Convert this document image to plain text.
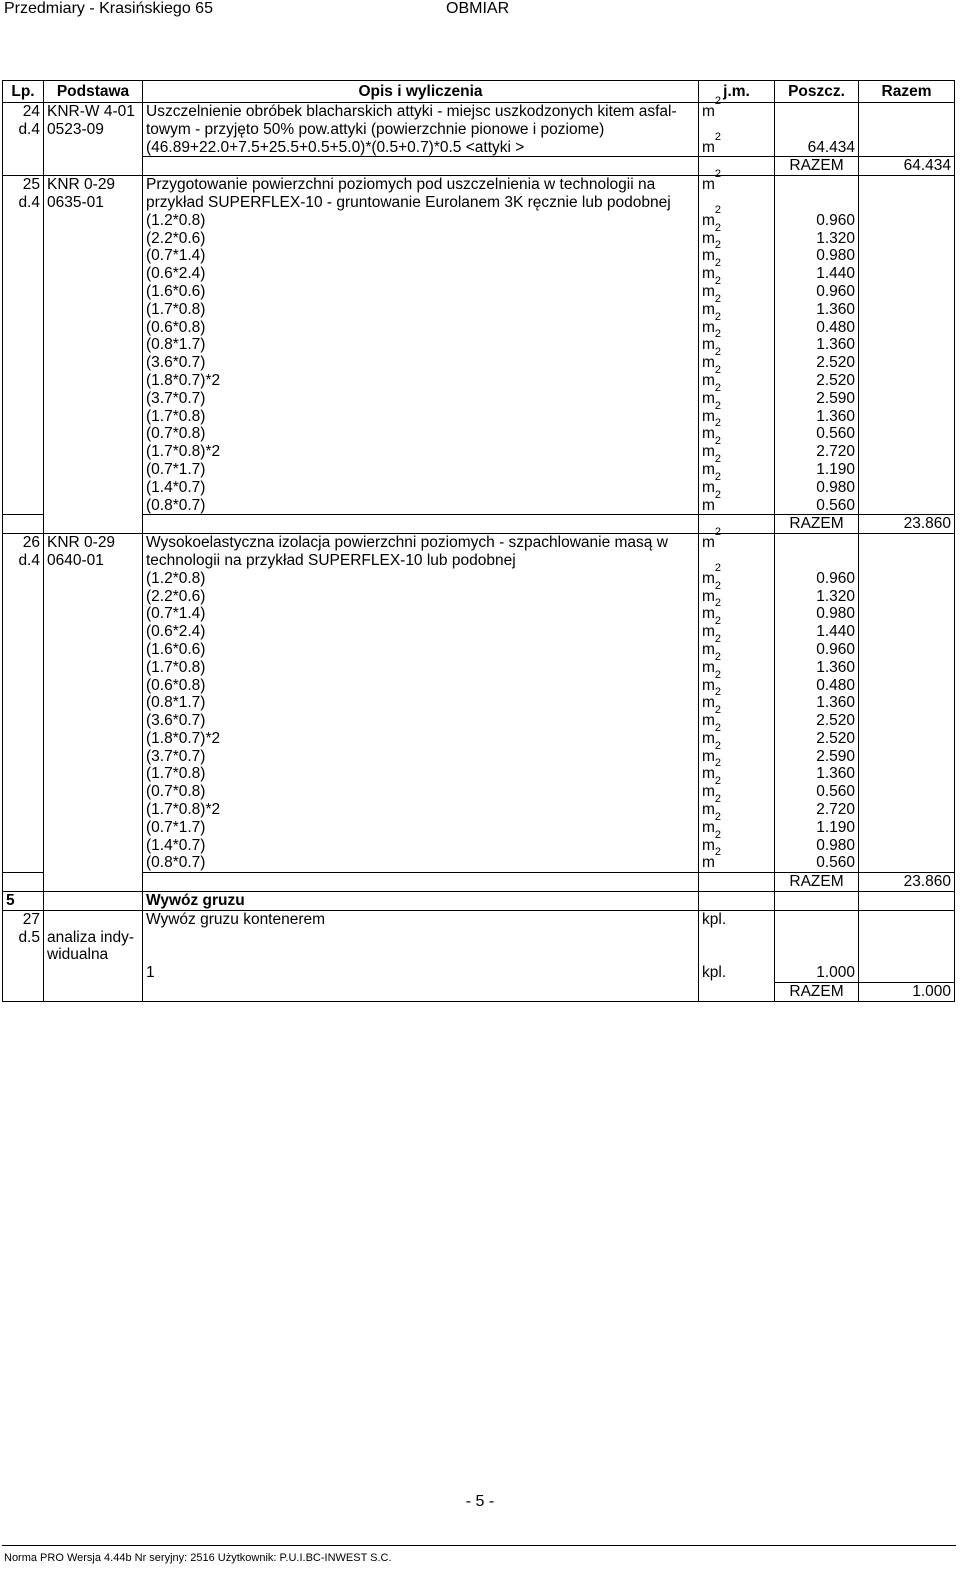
Przedmiary - Krasińskiego 65	OBMIAR
Lp.	Podstawa	Opis i wyliczenia	j.m.	Poszcz.	Razem
24	KNR-W 4-01	Uszczelnienie obróbek blacharskich attyki - miejsc uszkodzonych kitem asfal-	$m^2$		
d.4	0523-09	towym - przyjęto 50% pow.attyki (powierzchnie pionowe i poziome)			
		(46.89+22.0+7.5+25.5+0.5+5.0)*(0.5+0.7)*0.5 <attyki >	$m^2$	64.434	
				RAZEM	64.434
25	KNR 0-29	Przygotowanie powierzchni poziomych pod uszczelnienia w technologii na	$m^2$		
d.4	0635-01	przykład SUPERFLEX-10 - gruntowanie Eurolanem 3K ręcznie lub podobnej			
		(1.2*0.8)	$m^2$	0.960	
		(2.2*0.6)	$m^2$	1.320	
		(0.7*1.4)	$m^2$	0.980	
		(0.6*2.4)	$m^2$	1.440	
		(1.6*0.6)	$m^2$	0.960	
		(1.7*0.8)	$m^2$	1.360	
		(0.6*0.8)	$m^2$	0.480	
		(0.8*1.7)	$m^2$	1.360	
		(3.6*0.7)	$m^2$	2.520	
		(1.8*0.7)*2	$m^2$	2.520	
		(3.7*0.7)	$m^2$	2.590	
		(1.7*0.8)	$m^2$	1.360	
		(0.7*0.8)	$m^2$	0.560	
		(1.7*0.8)*2	$m^2$	2.720	
		(0.7*1.7)	$m^2$	1.190	
		(1.4*0.7)	$m^2$	0.980	
		(0.8*0.7)	$m^2$	0.560	
				RAZEM	23.860
26	KNR 0-29	Wysokoelastyczna izolacja powierzchni poziomych - szpachlowanie masą w	$m^2$		
d.4	0640-01	technologii na przykład SUPERFLEX-10 lub podobnej			
		(1.2*0.8)	$m^2$	0.960	
		(2.2*0.6)	$m^2$	1.320	
		(0.7*1.4)	$m^2$	0.980	
		(0.6*2.4)	$m^2$	1.440	
		(1.6*0.6)	$m^2$	0.960	
		(1.7*0.8)	$m^2$	1.360	
		(0.6*0.8)	$m^2$	0.480	
		(0.8*1.7)	$m^2$	1.360	
		(3.6*0.7)	$m^2$	2.520	
		(1.8*0.7)*2	$m^2$	2.520	
		(3.7*0.7)	$m^2$	2.590	
		(1.7*0.8)	$m^2$	1.360	
		(0.7*0.8)	$m^2$	0.560	
		(1.7*0.8)*2	$m^2$	2.720	
		(0.7*1.7)	$m^2$	1.190	
		(1.4*0.7)	$m^2$	0.980	
		(0.8*0.7)	$m^2$	0.560	
				RAZEM	23.860
5		Wywóz gruzu			
27		Wywóz gruzu kontenerem	kpl.		
d.5	analiza indy-				
	widualna				
		1	kpl.	1.000	
				RAZEM	1.000
- 5 -
Norma PRO Wersja 4.44b Nr seryjny: 2516 Użytkownik: P.U.I.BC-INWEST S.C.
